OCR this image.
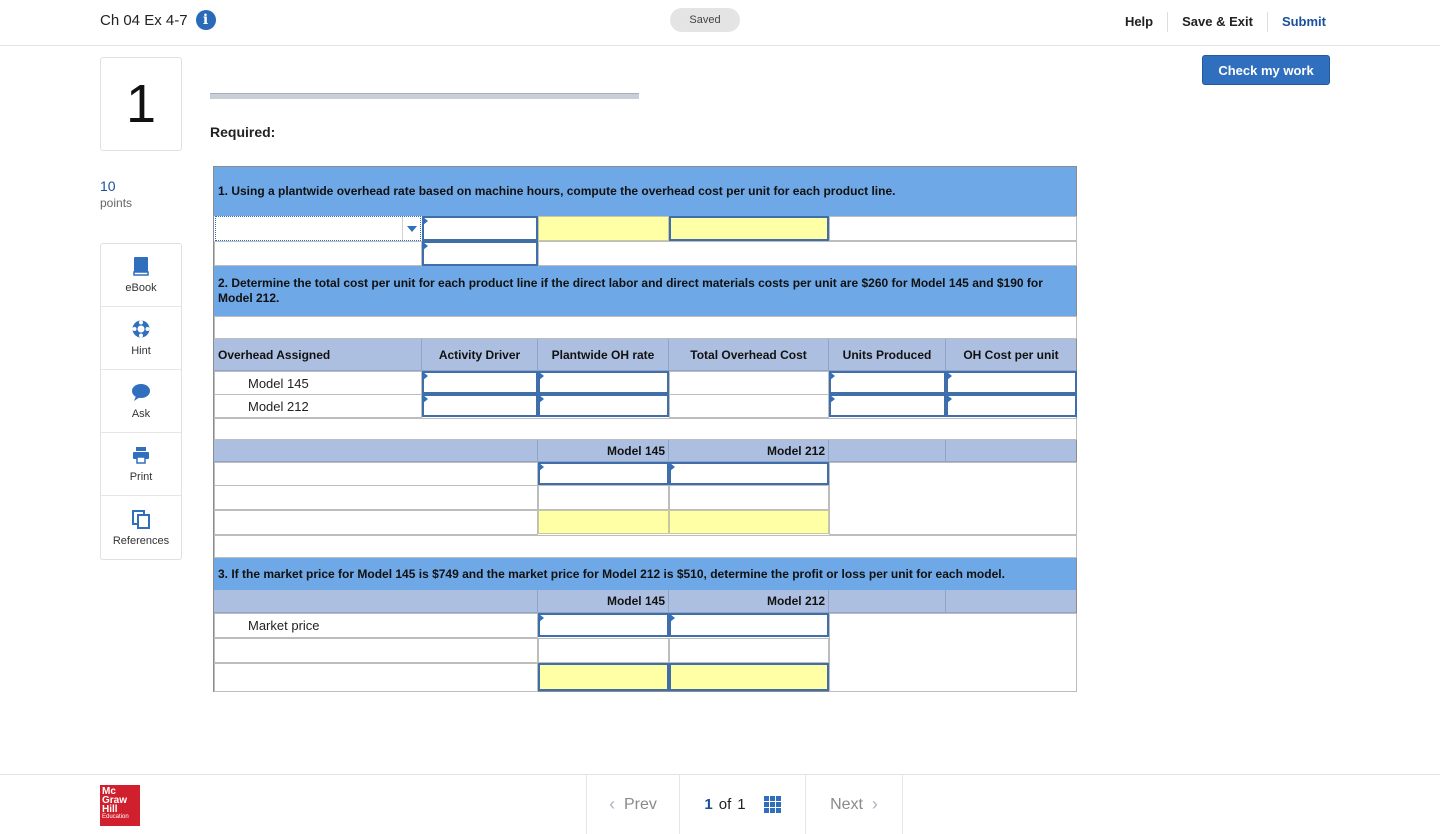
Ch 04 Ex 4-7	i	Saved	Help	Save & Exit	Submit
Check my work
1
10
points
eBook
Hint
Ask
Print
References
Required:
1. Using a plantwide overhead rate based on machine hours, compute the overhead cost per unit for each product line.
2. Determine the total cost per unit for each product line if the direct labor and direct materials costs per unit are $260 for Model 145 and $190 for Model 212.
Overhead Assigned	Activity Driver	Plantwide OH rate	Total Overhead Cost	Units Produced	OH Cost per unit
Model 145
Model 212
Model 145	Model 212
3. If the market price for Model 145 is $749 and the market price for Model 212 is $510, determine the profit or loss per unit for each model.
Model 145	Model 212
Market price
Mc
Graw
Hill
Education
‹
Prev	1 of 1	Next
›
